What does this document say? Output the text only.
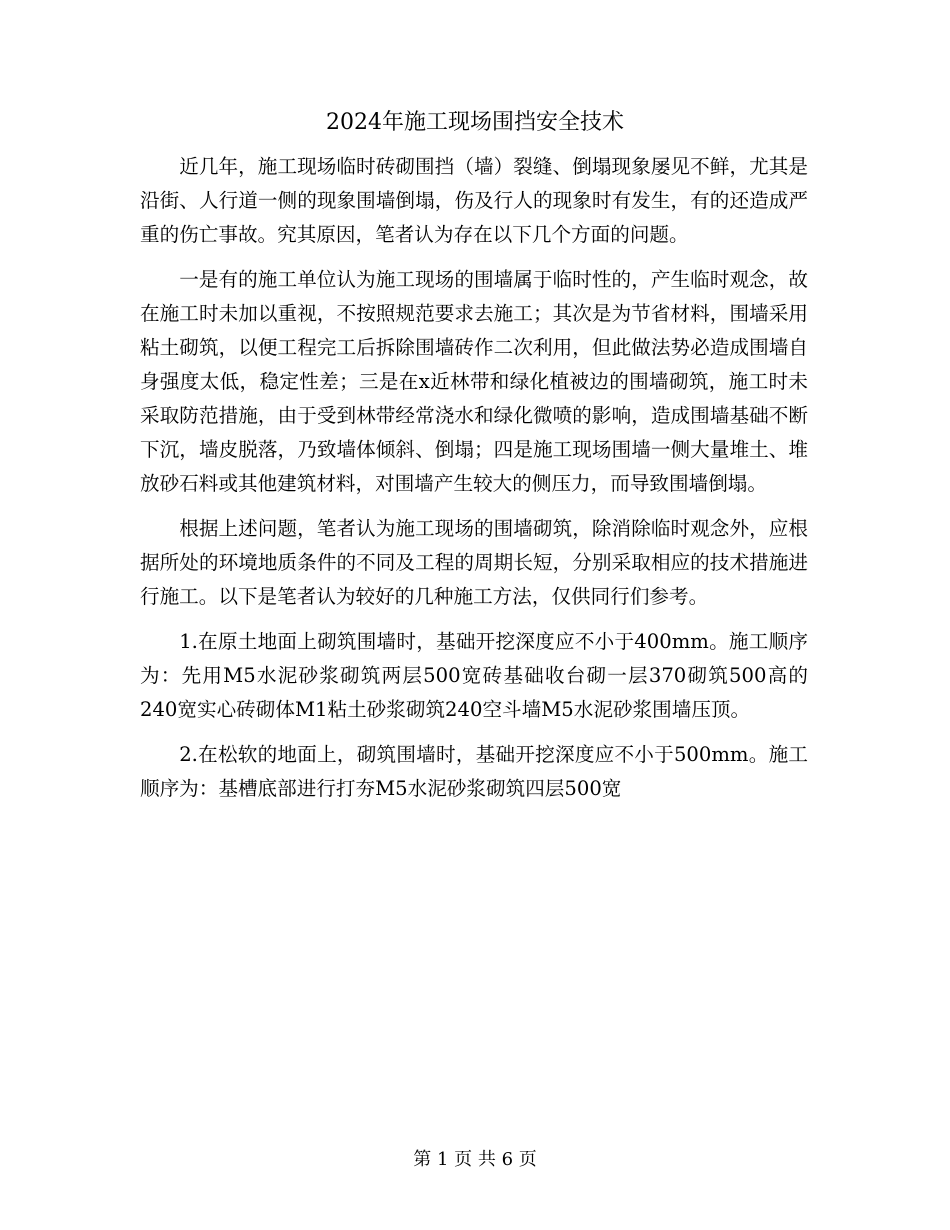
2024年施工现场围挡安全技术

近几年，施工现场临时砖砌围挡（墙）裂缝、倒塌现象屡见不鲜，尤其是沿街、人行道一侧的现象围墙倒塌，伤及行人的现象时有发生，有的还造成严重的伤亡事故。究其原因，笔者认为存在以下几个方面的问题。

一是有的施工单位认为施工现场的围墙属于临时性的，产生临时观念，故在施工时未加以重视，不按照规范要求去施工；其次是为节省材料，围墙采用粘土砌筑，以便工程完工后拆除围墙砖作二次利用，但此做法势必造成围墙自身强度太低，稳定性差；三是在x近林带和绿化植被边的围墙砌筑，施工时未采取防范措施，由于受到林带经常浇水和绿化微喷的影响，造成围墙基础不断下沉，墙皮脱落，乃致墙体倾斜、倒塌；四是施工现场围墙一侧大量堆土、堆放砂石料或其他建筑材料，对围墙产生较大的侧压力，而导致围墙倒塌。

根据上述问题，笔者认为施工现场的围墙砌筑，除消除临时观念外，应根据所处的环境地质条件的不同及工程的周期长短，分别采取相应的技术措施进行施工。以下是笔者认为较好的几种施工方法，仅供同行们参考。

1.在原土地面上砌筑围墙时，基础开挖深度应不小于400mm。施工顺序为：先用M5水泥砂浆砌筑两层500宽砖基础收台砌一层370砌筑500高的240宽实心砖砌体M1粘土砂浆砌筑240空斗墙M5水泥砂浆围墙压顶。

2.在松软的地面上，砌筑围墙时，基础开挖深度应不小于500mm。施工顺序为：基槽底部进行打夯M5水泥砂浆砌筑四层500宽

第 1 页 共 6 页
